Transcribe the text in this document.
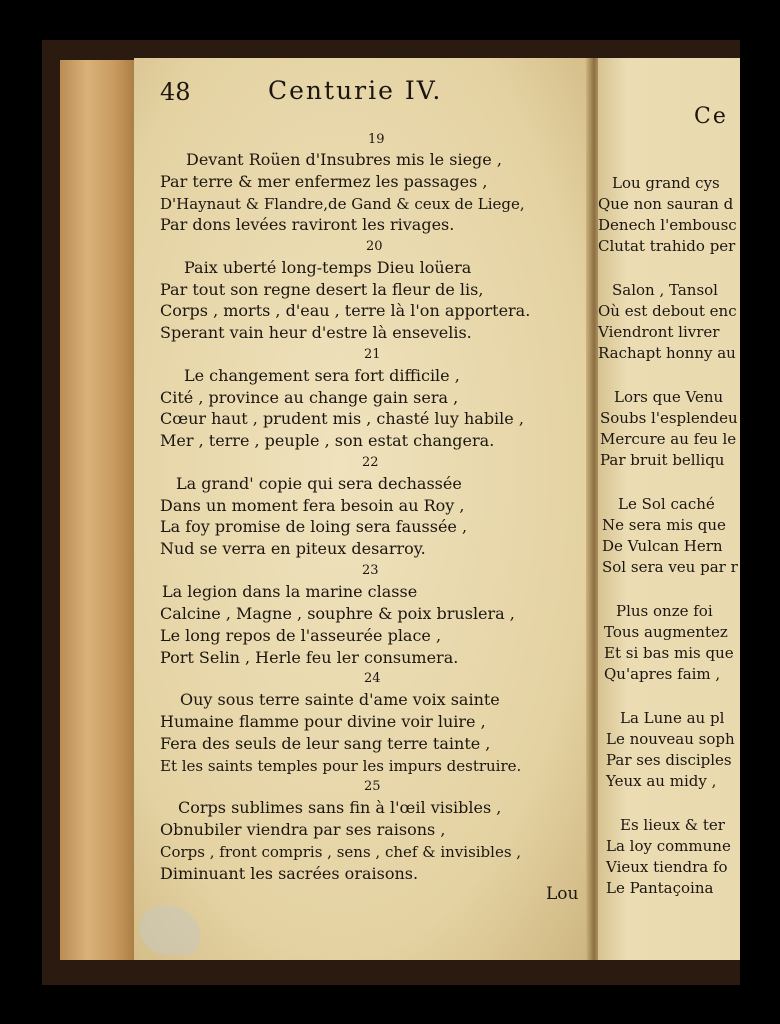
48	Centurie IV.
19
Devant Roüen d'Insubres mis le siege ,
Par terre & mer enfermez les passages ,
D'Haynaut & Flandre,de Gand & ceux de Liege,
Par dons levées raviront les rivages.
20
Paix uberté long-temps Dieu loüera
Par tout son regne desert la fleur de lis,
Corps , morts , d'eau , terre là l'on apportera.
Sperant vain heur d'estre là ensevelis.
21
Le changement sera fort difficile ,
Cité , province au change gain sera ,
Cœur haut , prudent mis , chasté luy habile ,
Mer , terre , peuple , son estat changera.
22
La grand' copie qui sera dechassée
Dans un moment fera besoin au Roy ,
La foy promise de loing sera faussée ,
Nud se verra en piteux desarroy.
23
La legion dans la marine classe
Calcine , Magne , souphre & poix bruslera ,
Le long repos de l'asseurée place ,
Port Selin , Herle feu ler consumera.
24
Ouy sous terre sainte d'ame voix sainte
Humaine flamme pour divine voir luire ,
Fera des seuls de leur sang terre tainte ,
Et les saints temples pour les impurs destruire.
25
Corps sublimes sans fin à l'œil visibles ,
Obnubiler viendra par ses raisons ,
Corps , front compris , sens , chef & invisibles ,
Diminuant les sacrées oraisons.
Lou
Ce
Lou grand cys
Que non sauran d
Denech l'embousc
Clutat trahido per
Salon , Tansol
Où est debout enc
Viendront livrer
Rachapt honny au
Lors que Venu
Soubs l'esplendeu
Mercure au feu le
Par bruit belliqu
Le Sol caché
Ne sera mis que
De Vulcan Hern
Sol sera veu par r
Plus onze foi
Tous augmentez
Et si bas mis que
Qu'apres faim ,
La Lune au pl
Le nouveau soph
Par ses disciples
Yeux au midy ,
Es lieux & ter
La loy commune
Vieux tiendra fo
Le Pantaçoina
